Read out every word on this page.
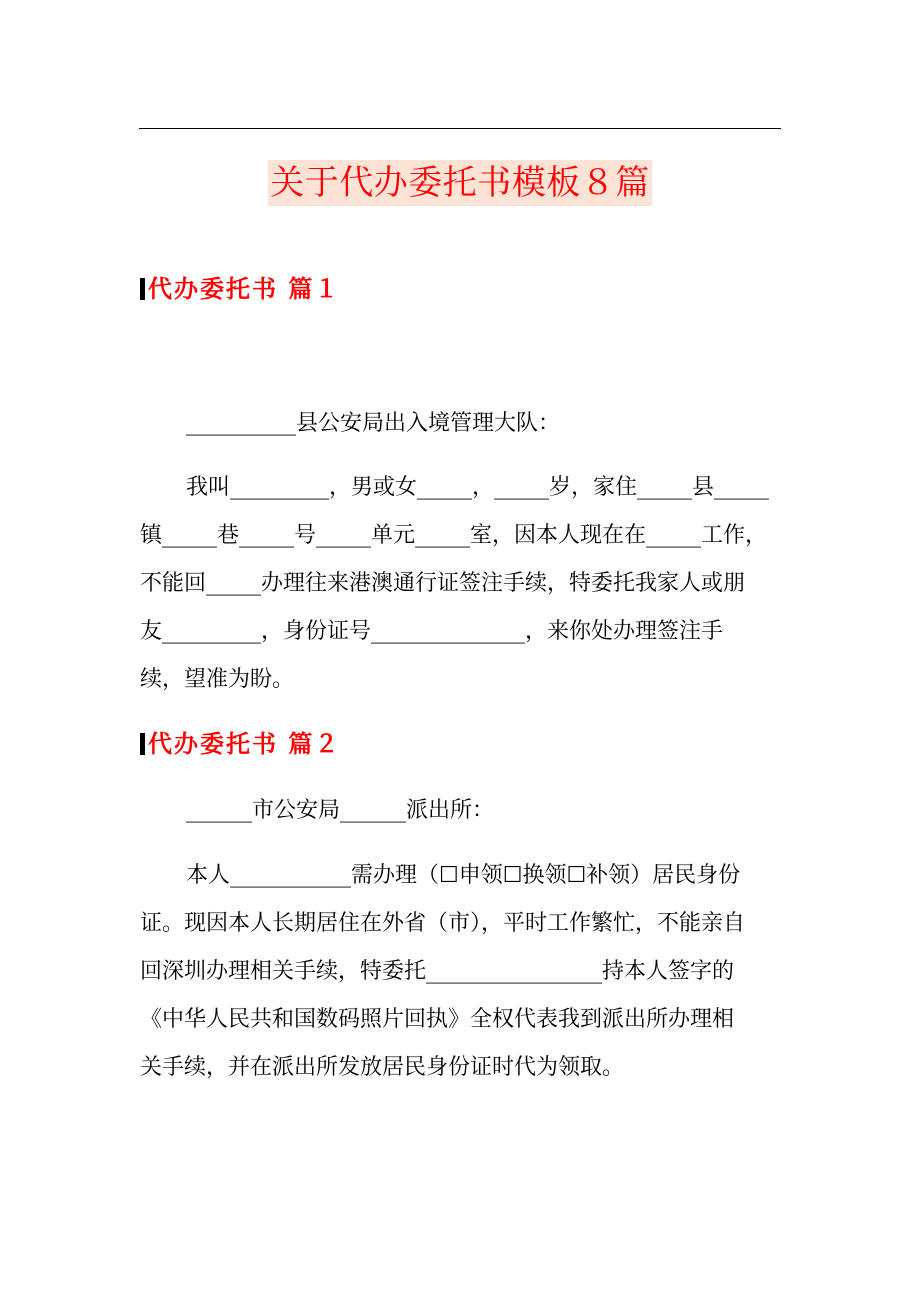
关于代办委托书模板８篇
代办委托书 篇１
__________县公安局出入境管理大队：
我叫_________，男或女_____，_____岁，家住_____县_____
镇_____巷_____号_____单元_____室，因本人现在在_____工作，
不能回_____办理往来港澳通行证签注手续，特委托我家人或朋
友_________，身份证号______________，来你处办理签注手
续，望准为盼。
代办委托书 篇２
______市公安局______派出所：
本人___________需办理（☐申领☐换领☐补领）居民身份
证。现因本人长期居住在外省（市），平时工作繁忙，不能亲自
回深圳办理相关手续，特委托________________持本人签字的
《中华人民共和国数码照片回执》全权代表我到派出所办理相
关手续，并在派出所发放居民身份证时代为领取。
